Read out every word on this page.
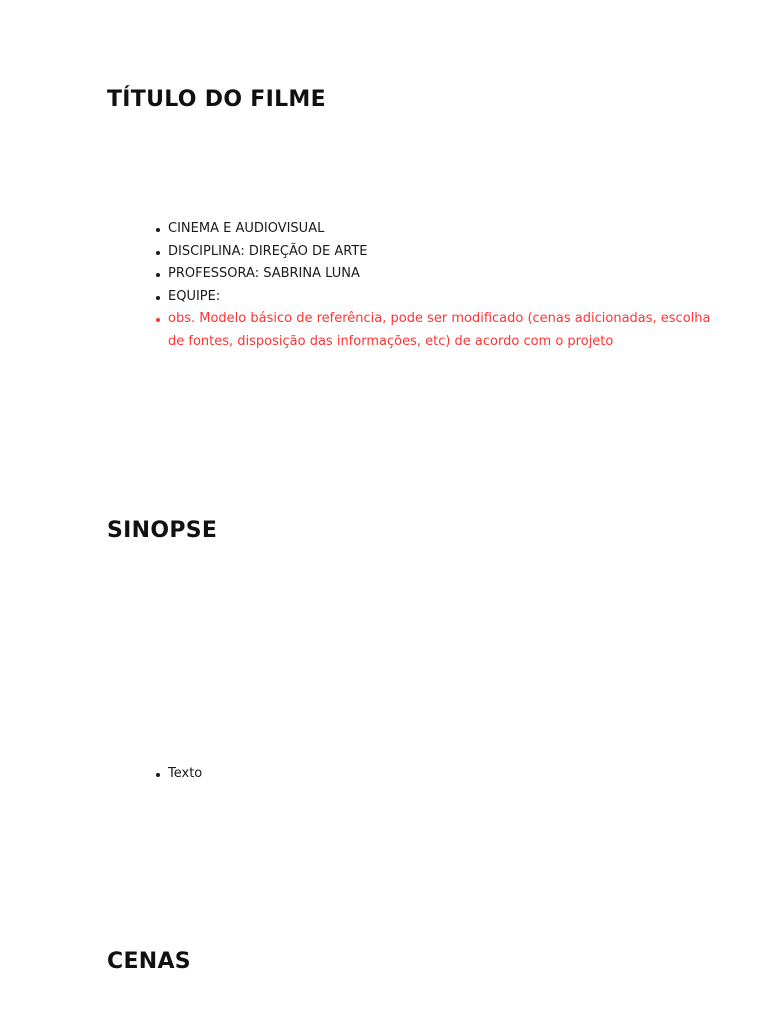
TÍTULO DO FILME
CINEMA E AUDIOVISUAL
DISCIPLINA: DIREÇÃO DE ARTE
PROFESSORA: SABRINA LUNA
EQUIPE:
obs. Modelo básico de referência, pode ser modificado (cenas adicionadas, escolha de fontes, disposição das informações, etc) de acordo com o projeto
SINOPSE
Texto
CENAS
